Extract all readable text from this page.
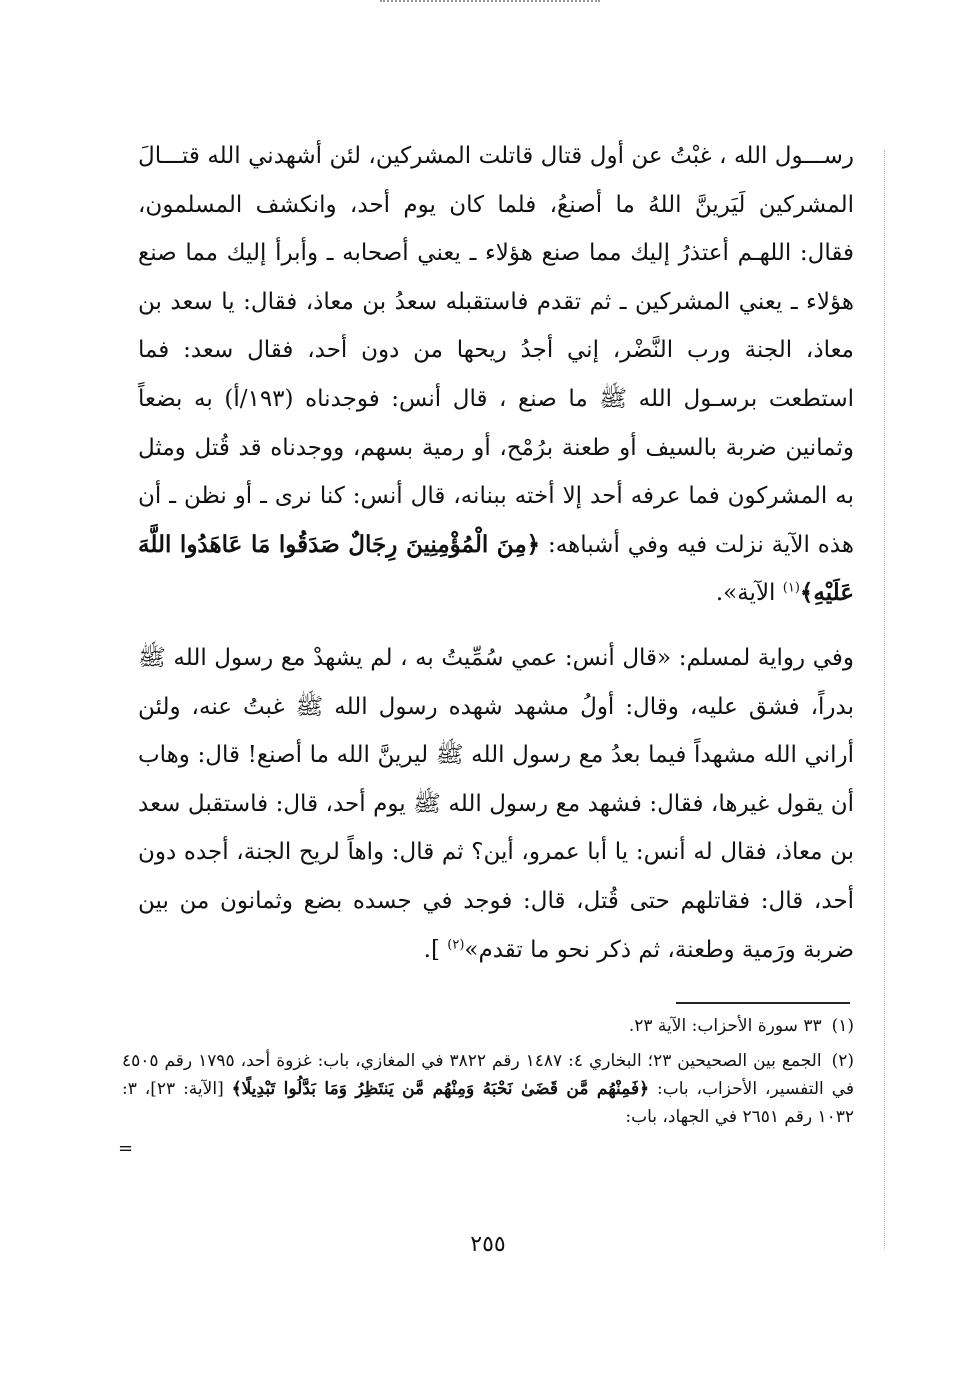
رســـول الله ، غبْتُ عن أول قتال قاتلت المشركين، لئن أشهدني الله قتـــالَ المشركين لَيَرينَّ اللهُ ما أصنعُ، فلما كان يوم أحد، وانكشف المسلمون، فقال: اللهـم أعتذرُ إليك مما صنع هؤلاء ـ يعني أصحابه ـ وأبرأ إليك مما صنع هؤلاء ـ يعني المشركين ـ ثم تقدم فاستقبله سعدُ بن معاذ، فقال: يا سعد بن معاذ، الجنة ورب النَّضْر، إني أجدُ ريحها من دون أحد، فقال سعد: فما استطعت برسـول الله ﷺ ما صنع ، قال أنس: فوجدناه (١٩٣/أ) به بضعاً وثمانين ضربة بالسيف أو طعنة برُمْح، أو رمية بسهم، ووجدناه قد قُتل ومثل به المشركون فما عرفه أحد إلا أخته ببنانه، قال أنس: كنا نرى ـ أو نظن ـ أن هذه الآية نزلت فيه وفي أشباهه: ﴿مِنَ الْمُؤْمِنِينَ رِجَالٌ صَدَقُوا مَا عَاهَدُوا اللَّهَ عَلَيْهِ﴾$^{(١)}$ الآية».

وفي رواية لمسلم: «قال أنس: عمي سُمِّيتُ به ، لم يشهدْ مع رسول الله ﷺ بدراً، فشق عليه، وقال: أولُ مشهد شهده رسول الله ﷺ غبتُ عنه، ولئن أراني الله مشهداً فيما بعدُ مع رسول الله ﷺ ليرينَّ الله ما أصنع! قال: وهاب أن يقول غيرها، فقال: فشهد مع رسول الله ﷺ يوم أحد، قال: فاستقبل سعد بن معاذ، فقال له أنس: يا أبا عمرو، أين؟ ثم قال: واهاً لريح الجنة، أجده دون أحد، قال: فقاتلهم حتى قُتل، قال: فوجد في جسده بضع وثمانون من بين ضربة ورَمية وطعنة، ثم ذكر نحو ما تقدم»$^{(٢)}$ ].

(١)٣٣ سورة الأحزاب: الآية ٢٣.

(٢)الجمع بين الصحيحين ٢٣؛ البخاري ٤: ١٤٨٧ رقم ٣٨٢٢ في المغازي، باب: غزوة أحد، ١٧٩٥ رقم ٤٥٠٥ في التفسير، الأحزاب، باب: ﴿فَمِنْهُم مَّن قَضَىٰ نَحْبَهُ وَمِنْهُم مَّن يَنتَظِرُ وَمَا بَدَّلُوا تَبْدِيلًا﴾ [الآية: ٢٣]، ٣: ١٠٣٢ رقم ٢٦٥١ في الجهاد، باب:

=
٢٥٥
